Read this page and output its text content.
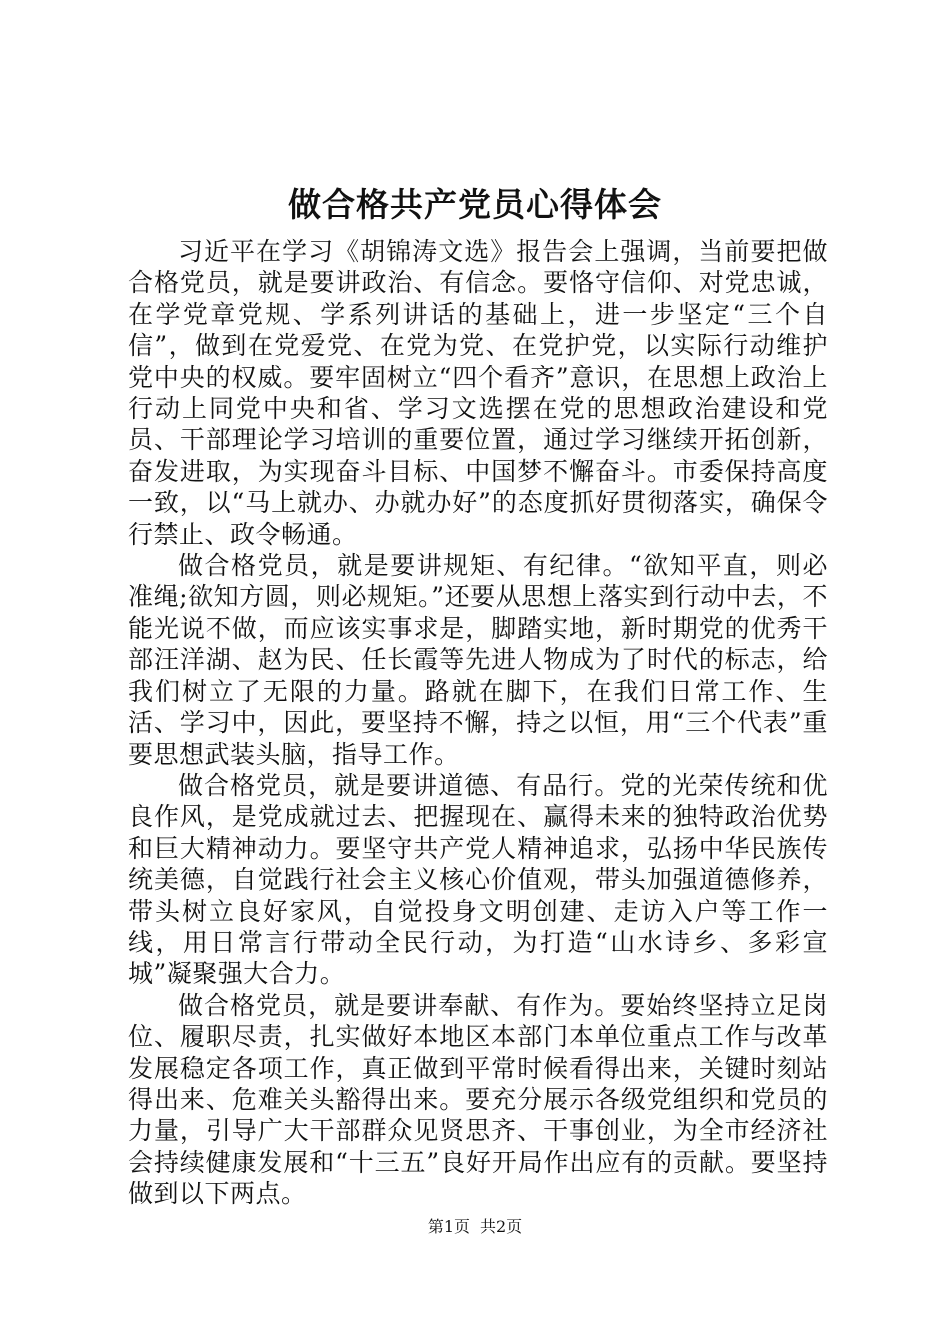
做合格共产党员心得体会

习近平在学习《胡锦涛文选》报告会上强调，当前要把做合格党员，就是要讲政治、有信念。要恪守信仰、对党忠诚，在学党章党规、学系列讲话的基础上，进一步坚定“三个自信”，做到在党爱党、在党为党、在党护党，以实际行动维护党中央的权威。要牢固树立“四个看齐”意识，在思想上政治上行动上同党中央和省、学习文选摆在党的思想政治建设和党员、干部理论学习培训的重要位置，通过学习继续开拓创新，奋发进取，为实现奋斗目标、中国梦不懈奋斗。市委保持高度一致，以“马上就办、办就办好”的态度抓好贯彻落实，确保令行禁止、政令畅通。

做合格党员，就是要讲规矩、有纪律。“欲知平直，则必准绳;欲知方圆，则必规矩。”还要从思想上落实到行动中去，不能光说不做，而应该实事求是，脚踏实地，新时期党的优秀干部汪洋湖、赵为民、任长霞等先进人物成为了时代的标志，给我们树立了无限的力量。路就在脚下，在我们日常工作、生活、学习中，因此，要坚持不懈，持之以恒，用“三个代表”重要思想武装头脑，指导工作。

做合格党员，就是要讲道德、有品行。党的光荣传统和优良作风，是党成就过去、把握现在、赢得未来的独特政治优势和巨大精神动力。要坚守共产党人精神追求，弘扬中华民族传统美德，自觉践行社会主义核心价值观，带头加强道德修养，带头树立良好家风，自觉投身文明创建、走访入户等工作一线，用日常言行带动全民行动，为打造“山水诗乡、多彩宣城”凝聚强大合力。

做合格党员，就是要讲奉献、有作为。要始终坚持立足岗位、履职尽责，扎实做好本地区本部门本单位重点工作与改革发展稳定各项工作，真正做到平常时候看得出来，关键时刻站得出来、危难关头豁得出来。要充分展示各级党组织和党员的力量，引导广大干部群众见贤思齐、干事创业，为全市经济社会持续健康发展和“十三五”良好开局作出应有的贡献。要坚持做到以下两点。

第1页 共2页
